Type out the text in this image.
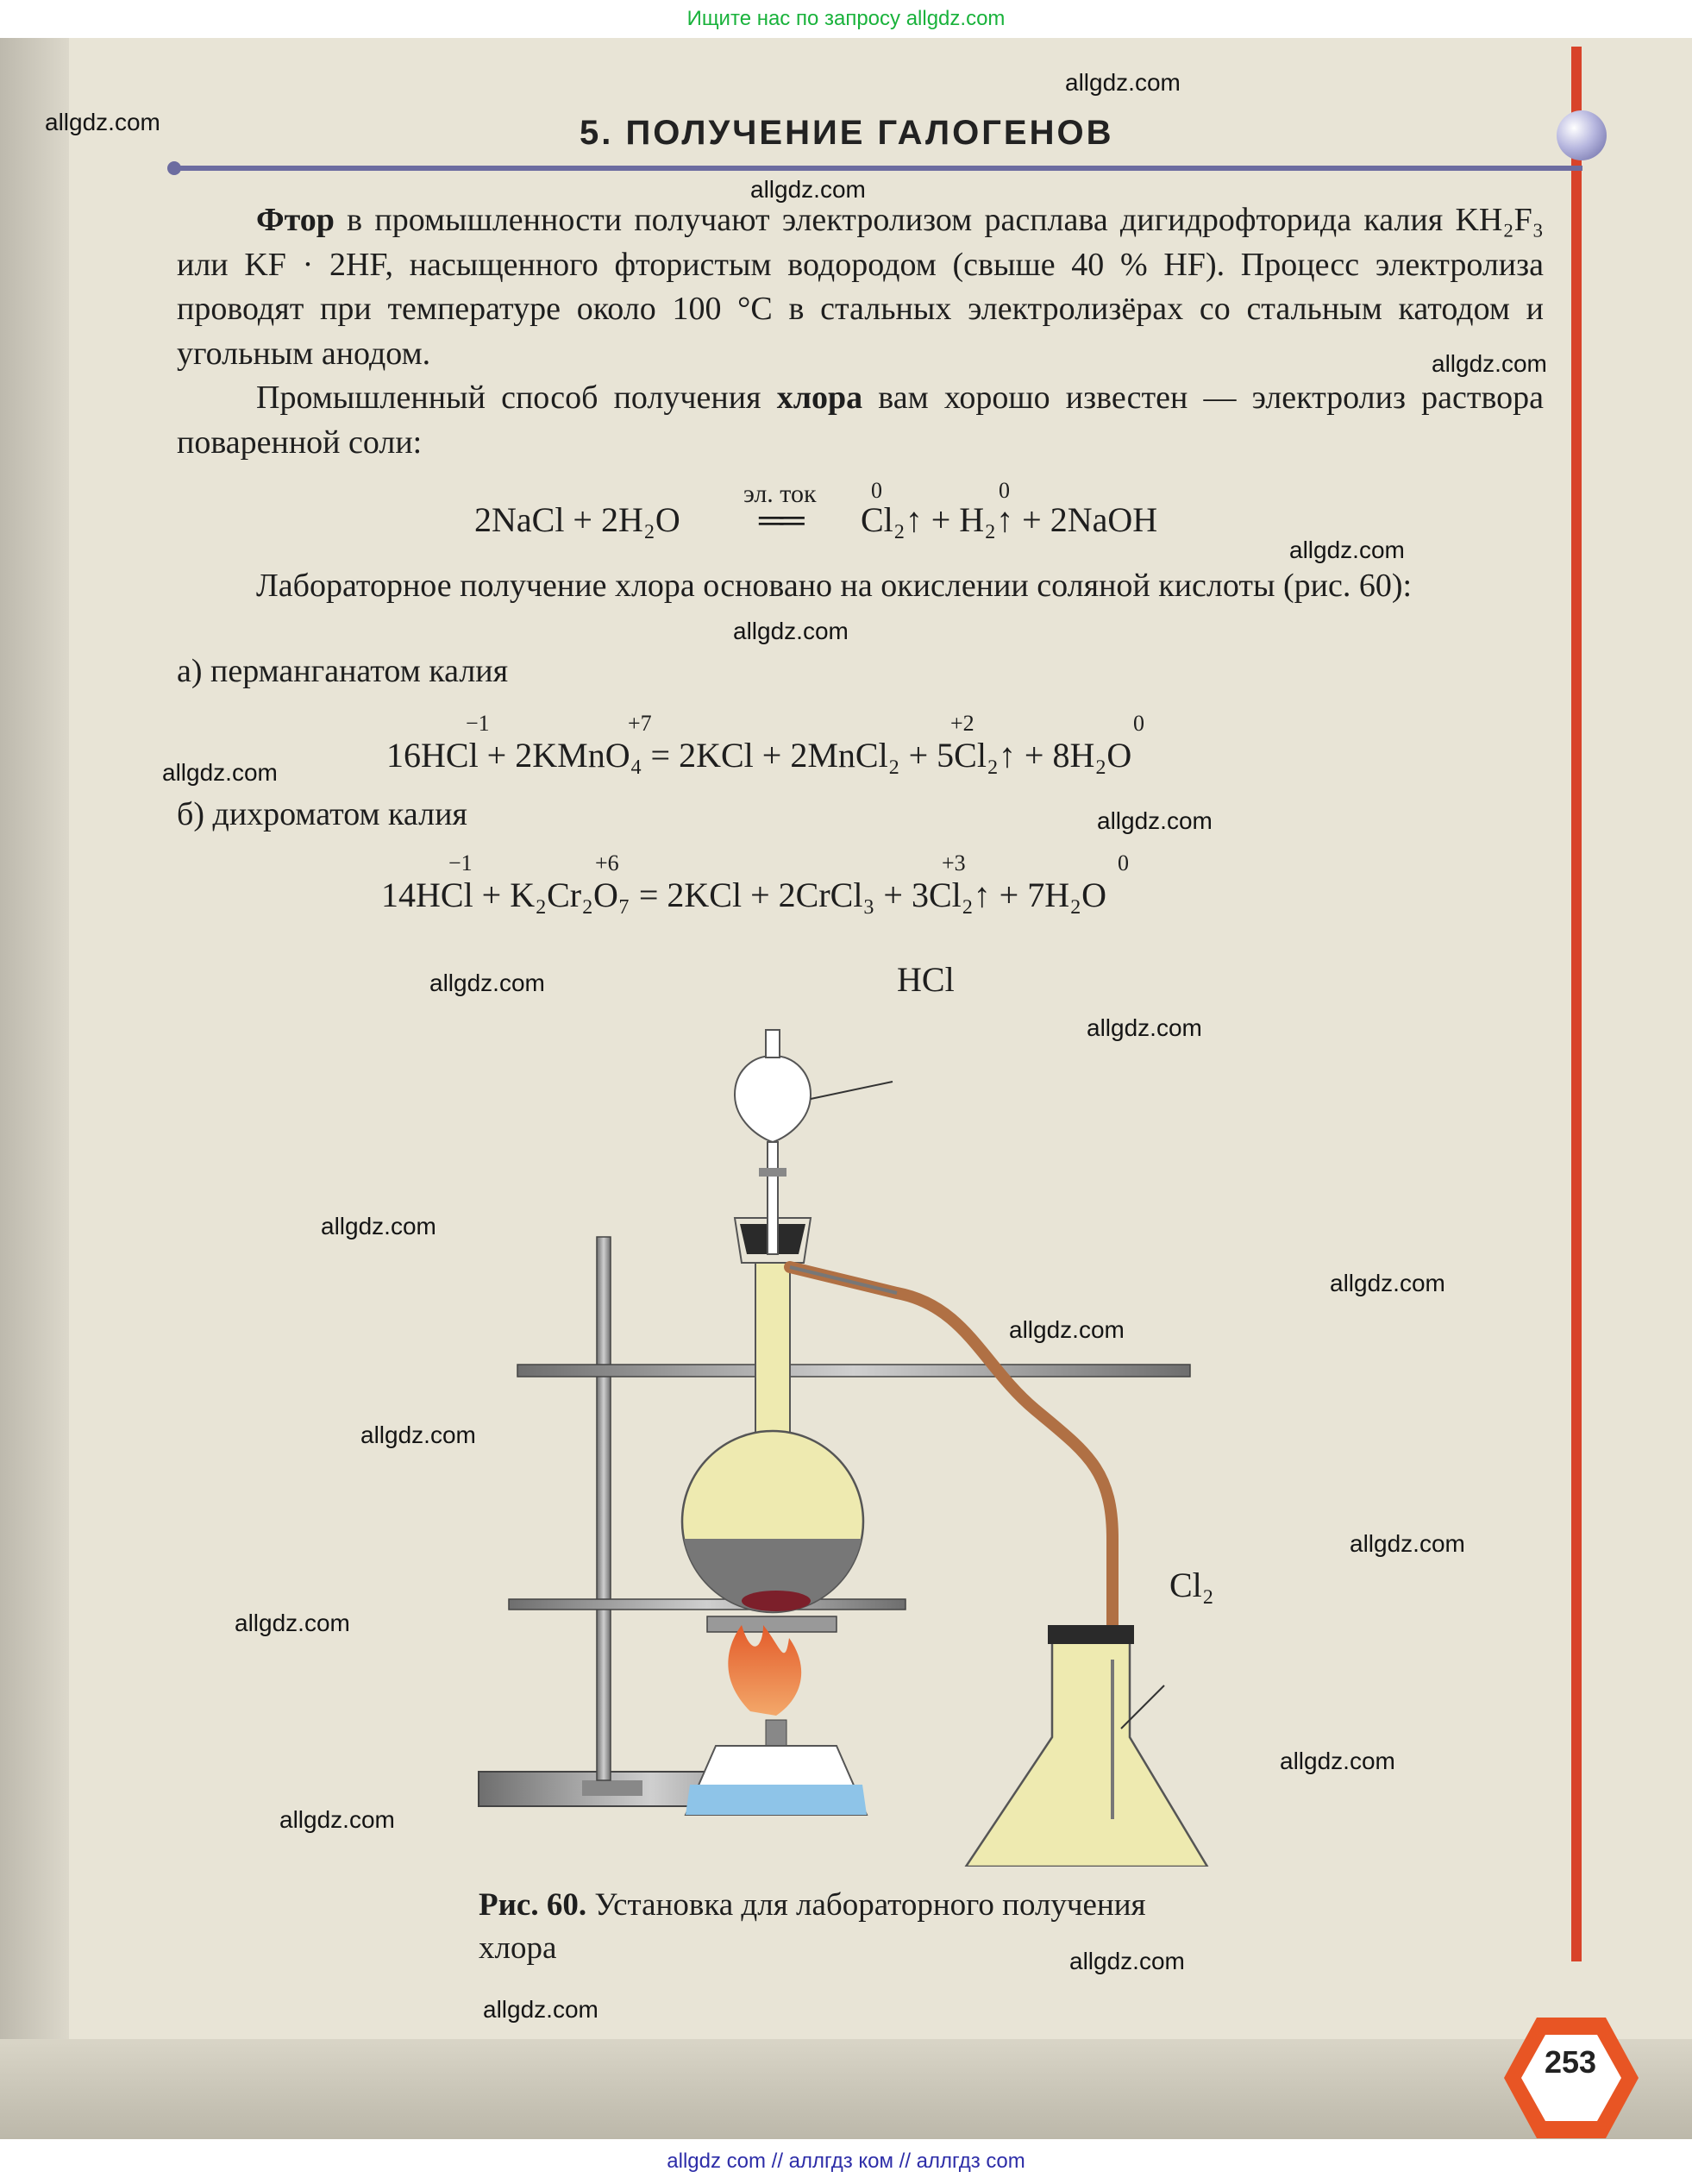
Ищите нас по запросу allgdz.com
5. ПОЛУЧЕНИЕ ГАЛОГЕНОВ
Фтор в промышленности получают электролизом расплава дигидрофторида калия KH₂F₃ или KF · 2HF, насыщенного фтористым водородом (свыше 40 % HF). Процесс электролиза проводят при температуре около 100 °C в стальных электролизёрах со стальным катодом и угольным анодом.
Промышленный способ получения хлора вам хорошо известен — электролиз раствора поваренной соли:
2NaCl + 2H₂O
эл. ток
══
0	0
Cl₂↑ + H₂↑ + 2NaOH
Лабораторное получение хлора основано на окислении соляной кислоты (рис. 60):
а) перманганатом калия
−1	+7	+2	0
16HCl + 2KMnO₄ = 2KCl + 2MnCl₂ + 5Cl₂↑ + 8H₂O
б) дихроматом калия
−1	+6	+3	0
14HCl + K₂Cr₂O₇ = 2KCl + 2CrCl₃ + 3Cl₂↑ + 7H₂O
HCl
Cl₂
Рис. 60. Установка для лабораторного получения хлора
253
allgdz.com
allgdz.com
allgdz.com
allgdz.com
allgdz.com
allgdz.com
allgdz.com
allgdz.com
allgdz.com
allgdz.com
allgdz.com
allgdz.com
allgdz.com
allgdz.com
allgdz.com
allgdz.com
allgdz.com
allgdz.com
allgdz.com
allgdz.com
allgdz com // аллгдз ком // аллгдз com
